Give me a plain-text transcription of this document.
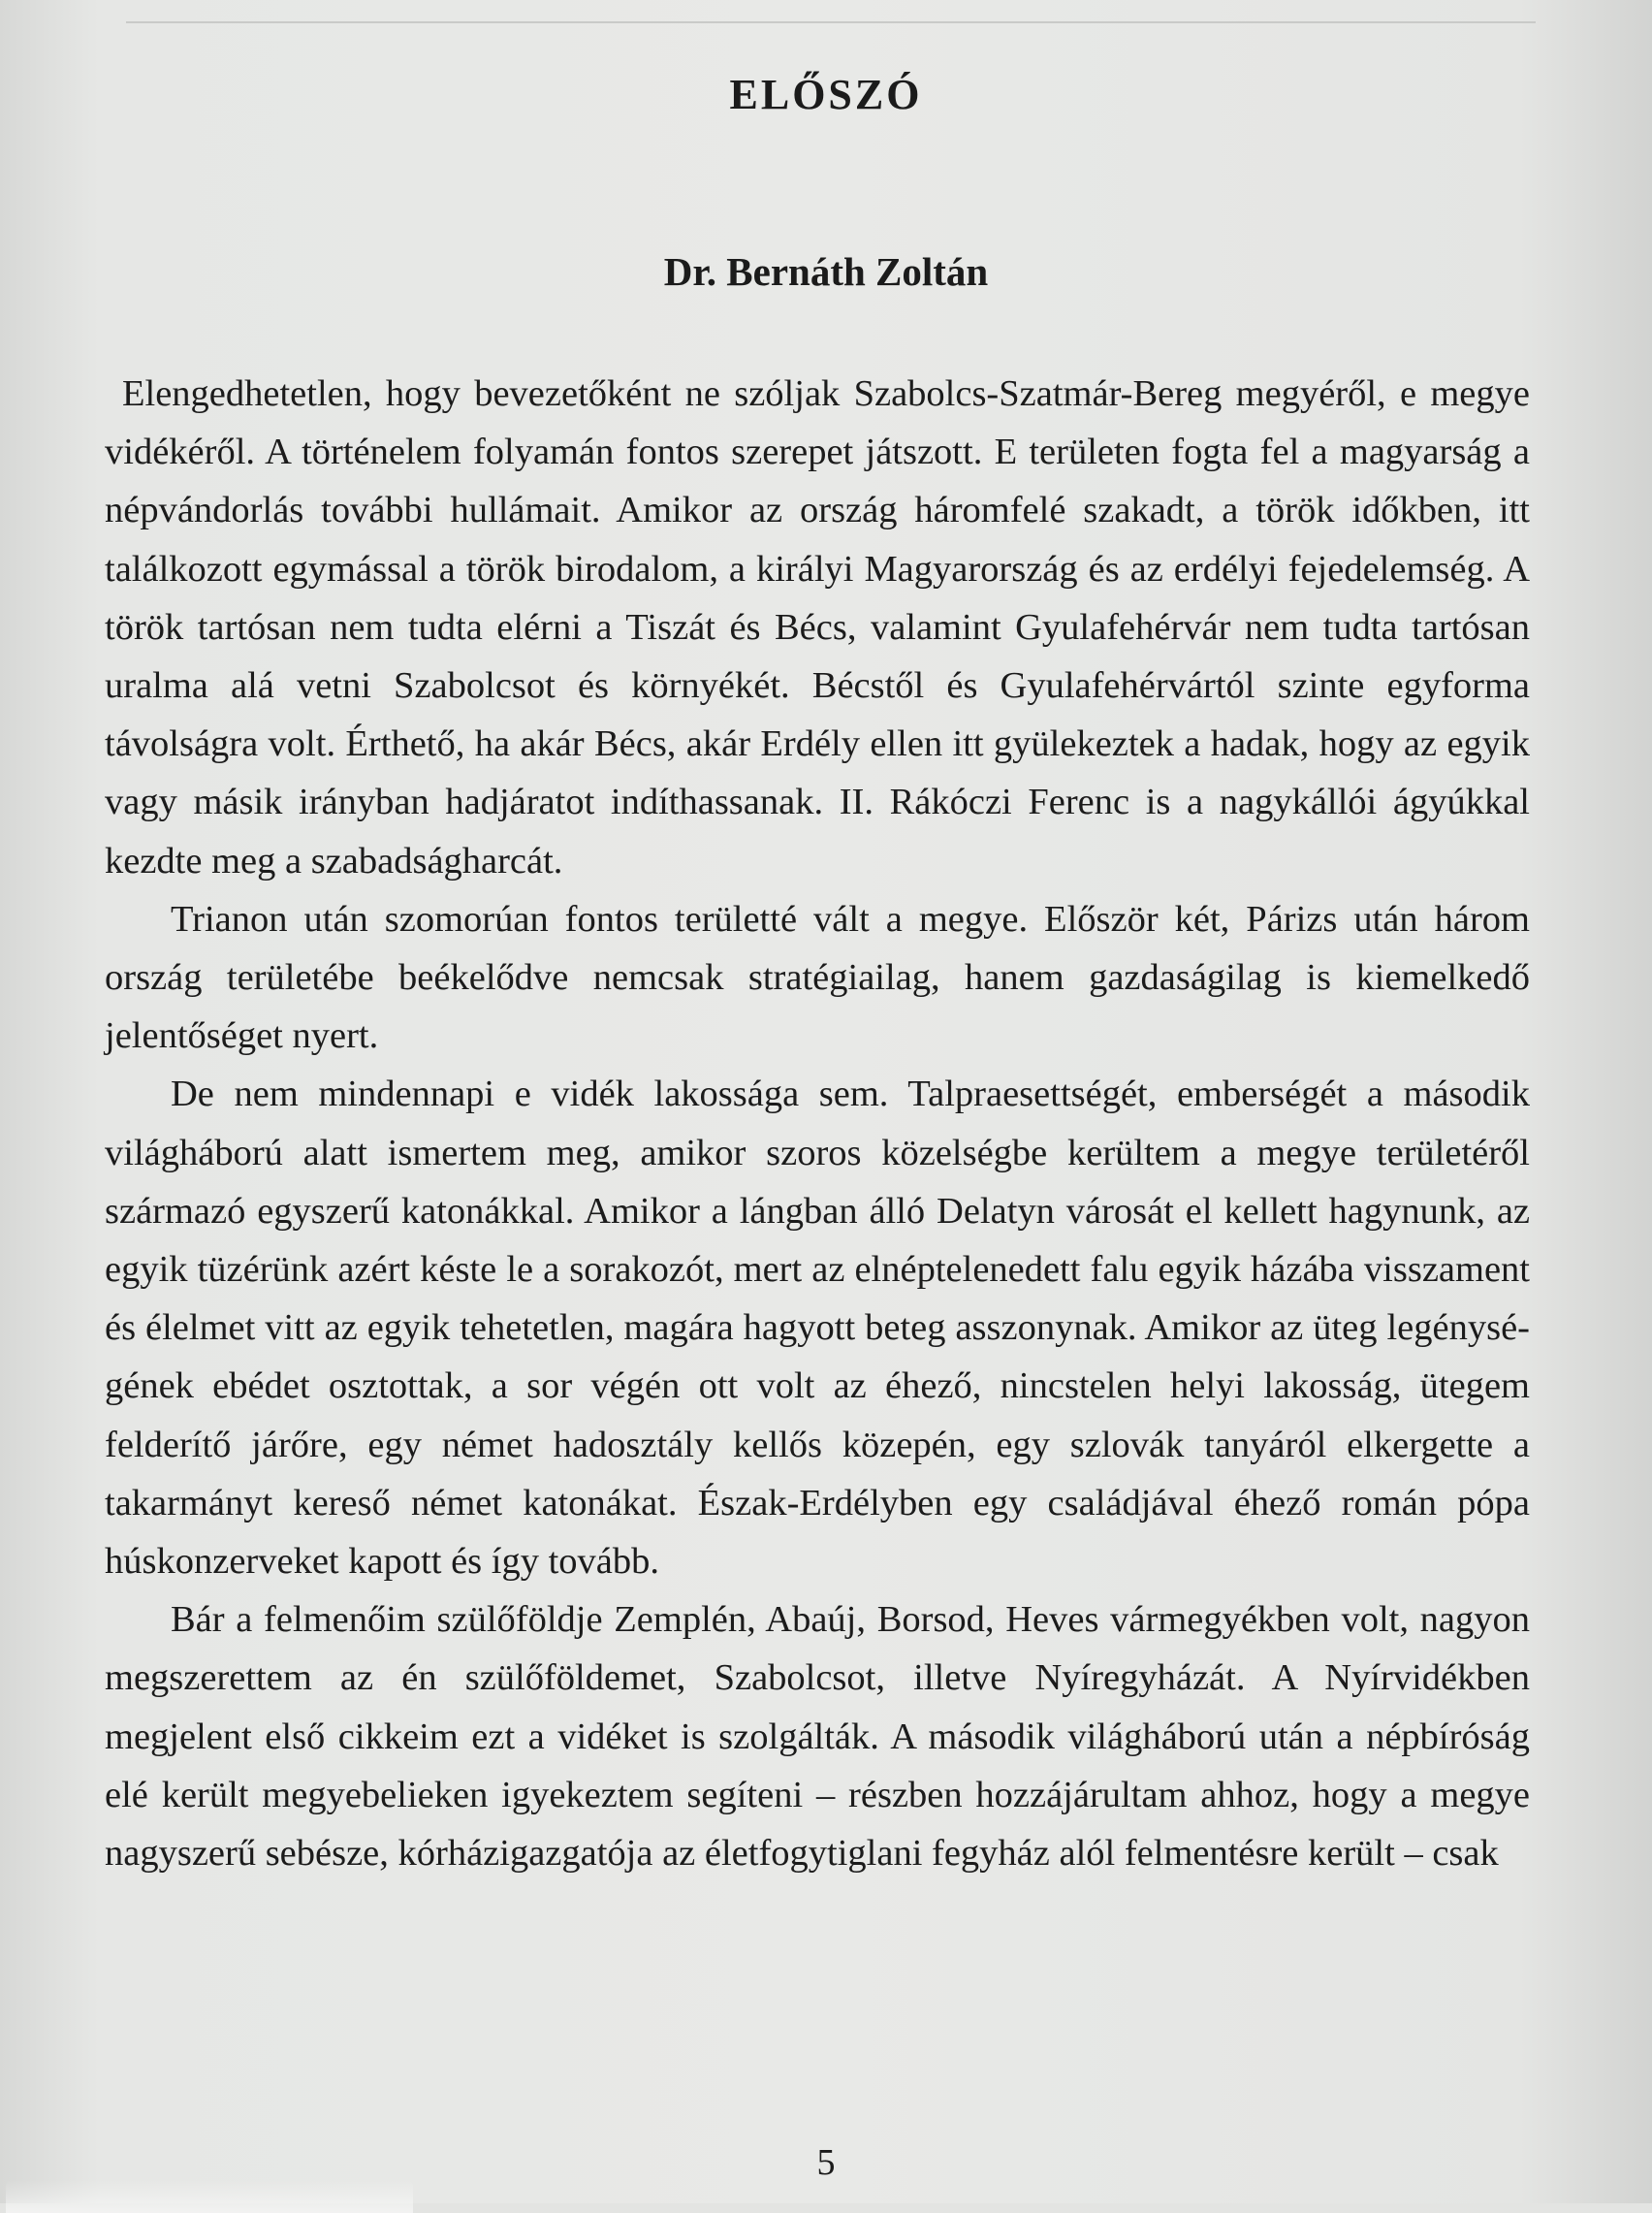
ELŐSZÓ
Dr. Bernáth Zoltán

Elengedhetetlen, hogy bevezetőként ne szóljak Szabolcs-Szatmár-Bereg megyéről, e megye vidékéről. A történelem folyamán fontos szerepet játszott. E területen fogta fel a magyarság a népvándorlás további hullámait. Amikor az ország háromfelé szakadt, a török időkben, itt találkozott egymással a török birodalom, a királyi Magyarország és az erdélyi fejedelemség. A török tartósan nem tudta elérni a Tiszát és Bécs, valamint Gyulafehérvár nem tudta tartósan uralma alá vetni Szabolcsot és környékét. Bécstől és Gyulafehérvártól szinte egyforma távolságra volt. Érthető, ha akár Bécs, akár Erdély ellen itt gyülekeztek a hadak, hogy az egyik vagy másik irányban hadjáratot indíthassanak. II. Rákóczi Ferenc is a nagykállói ágyúkkal kezdte meg a szabadságharcát.

Trianon után szomorúan fontos területté vált a megye. Először két, Párizs után három ország területébe beékelődve nemcsak stratégiailag, hanem gazdaságilag is kiemelkedő jelentőséget nyert.

De nem mindennapi e vidék lakossága sem. Talpraesettségét, emberségét a második világháború alatt ismertem meg, amikor szoros közelségbe kerültem a megye területéről származó egyszerű katonákkal. Amikor a lángban álló Delatyn városát el kellett hagynunk, az egyik tüzérünk azért késte le a sorakozót, mert az elnéptelenedett falu egyik házába visszament és élelmet vitt az egyik tehetetlen, magára hagyott beteg asszonynak. Amikor az üteg legénységének ebédet osztottak, a sor végén ott volt az éhező, nincstelen helyi lakosság, ütegem felderítő járőre, egy német hadosztály kellős közepén, egy szlovák tanyáról elkergette a takarmányt kereső német katonákat. Észak-Erdélyben egy családjával éhező román pópa húskonzerveket kapott és így tovább.

Bár a felmenőim szülőföldje Zemplén, Abaúj, Borsod, Heves vármegyékben volt, nagyon megszerettem az én szülőföldemet, Szabolcsot, illetve Nyíregyházát. A Nyírvidékben megjelent első cikkeim ezt a vidéket is szolgálták. A második világháború után a népbíróság elé került megyebelieken igyekeztem segíteni – részben hozzájárultam ahhoz, hogy a megye nagyszerű sebésze, kórházigazgatója az életfogytiglani fegyház alól felmentésre került – csak

5
